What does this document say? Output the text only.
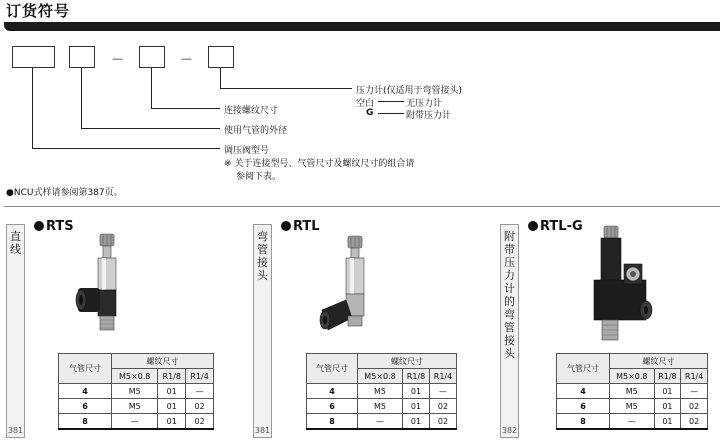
订货符号
—	—
压力计(仅适用于弯管接头)
空白	无压力计
G	附带压力计
连接螺纹尺寸
使用气管的外径
调压阀型号
※ 关于连接型号、气管尺寸及螺纹尺寸的组合请
参阅下表。
●NCU式样请参阅第387页。
直线
381
RTS
气管尺寸	螺纹尺寸		
	M5×0.8	R1/8	R1/4
4	M5	01	—
6	M5	01	02
8	—	01	02
弯管接头
381
RTL
气管尺寸	螺纹尺寸		
	M5×0.8	R1/8	R1/4
4	M5	01	—
6	M5	01	02
8	—	01	02
附带压力计的弯管接头
382
RTL-G
气管尺寸	螺纹尺寸		
	M5×0.8	R1/8	R1/4
4	M5	01	—
6	M5	01	02
8	—	01	02
